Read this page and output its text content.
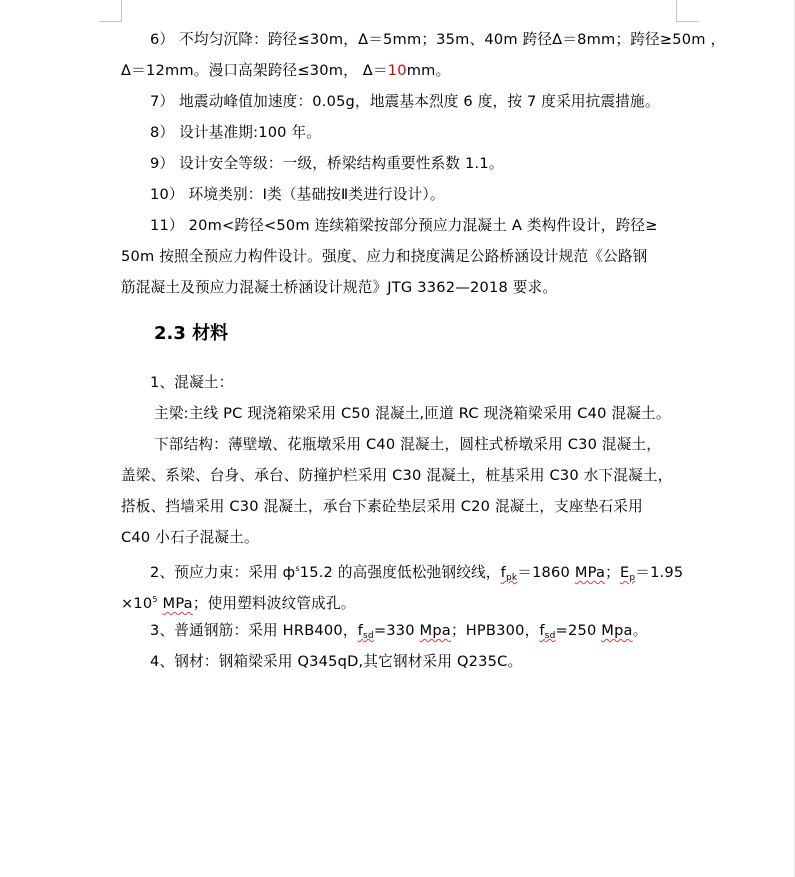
6） 不均匀沉降：跨径≤30m，Δ＝5mm；35m、40m 跨径Δ＝8mm；跨径≥50m ，
Δ＝12mm。漫口高架跨径≤30m， Δ＝10mm。
7） 地震动峰值加速度：0.05g，地震基本烈度 6 度，按 7 度采用抗震措施。
8） 设计基准期:100 年。
9） 设计安全等级：一级，桥梁结构重要性系数 1.1。
10） 环境类别：Ⅰ类（基础按Ⅱ类进行设计）。
11） 20m<跨径<50m 连续箱梁按部分预应力混凝土 A 类构件设计，跨径≥
50m 按照全预应力构件设计。强度、应力和挠度满足公路桥涵设计规范《公路钢
筋混凝土及预应力混凝土桥涵设计规范》JTG 3362—2018 要求。
2.3 材料
1、混凝土：
主梁:主线 PC 现浇箱梁采用 C50 混凝土,匝道 RC 现浇箱梁采用 C40 混凝土。
下部结构：薄壁墩、花瓶墩采用 C40 混凝土，圆柱式桥墩采用 C30 混凝土，
盖梁、系梁、台身、承台、防撞护栏采用 C30 混凝土，桩基采用 C30 水下混凝土，
搭板、挡墙采用 C30 混凝土，承台下素砼垫层采用 C20 混凝土，支座垫石采用
C40 小石子混凝土。
2、预应力束：采用 $ф^s15.2$ 的高强度低松弛钢绞线，$f_{pk}=1860$ MPa；$E_p=1.95$
$\times 10^5$ MPa；使用塑料波纹管成孔。
3、普通钢筋：采用 HRB400，$f_{sd}=330$ Mpa；HPB300，$f_{sd}=250$ Mpa。
4、钢材：钢箱梁采用 Q345qD,其它钢材采用 Q235C。
